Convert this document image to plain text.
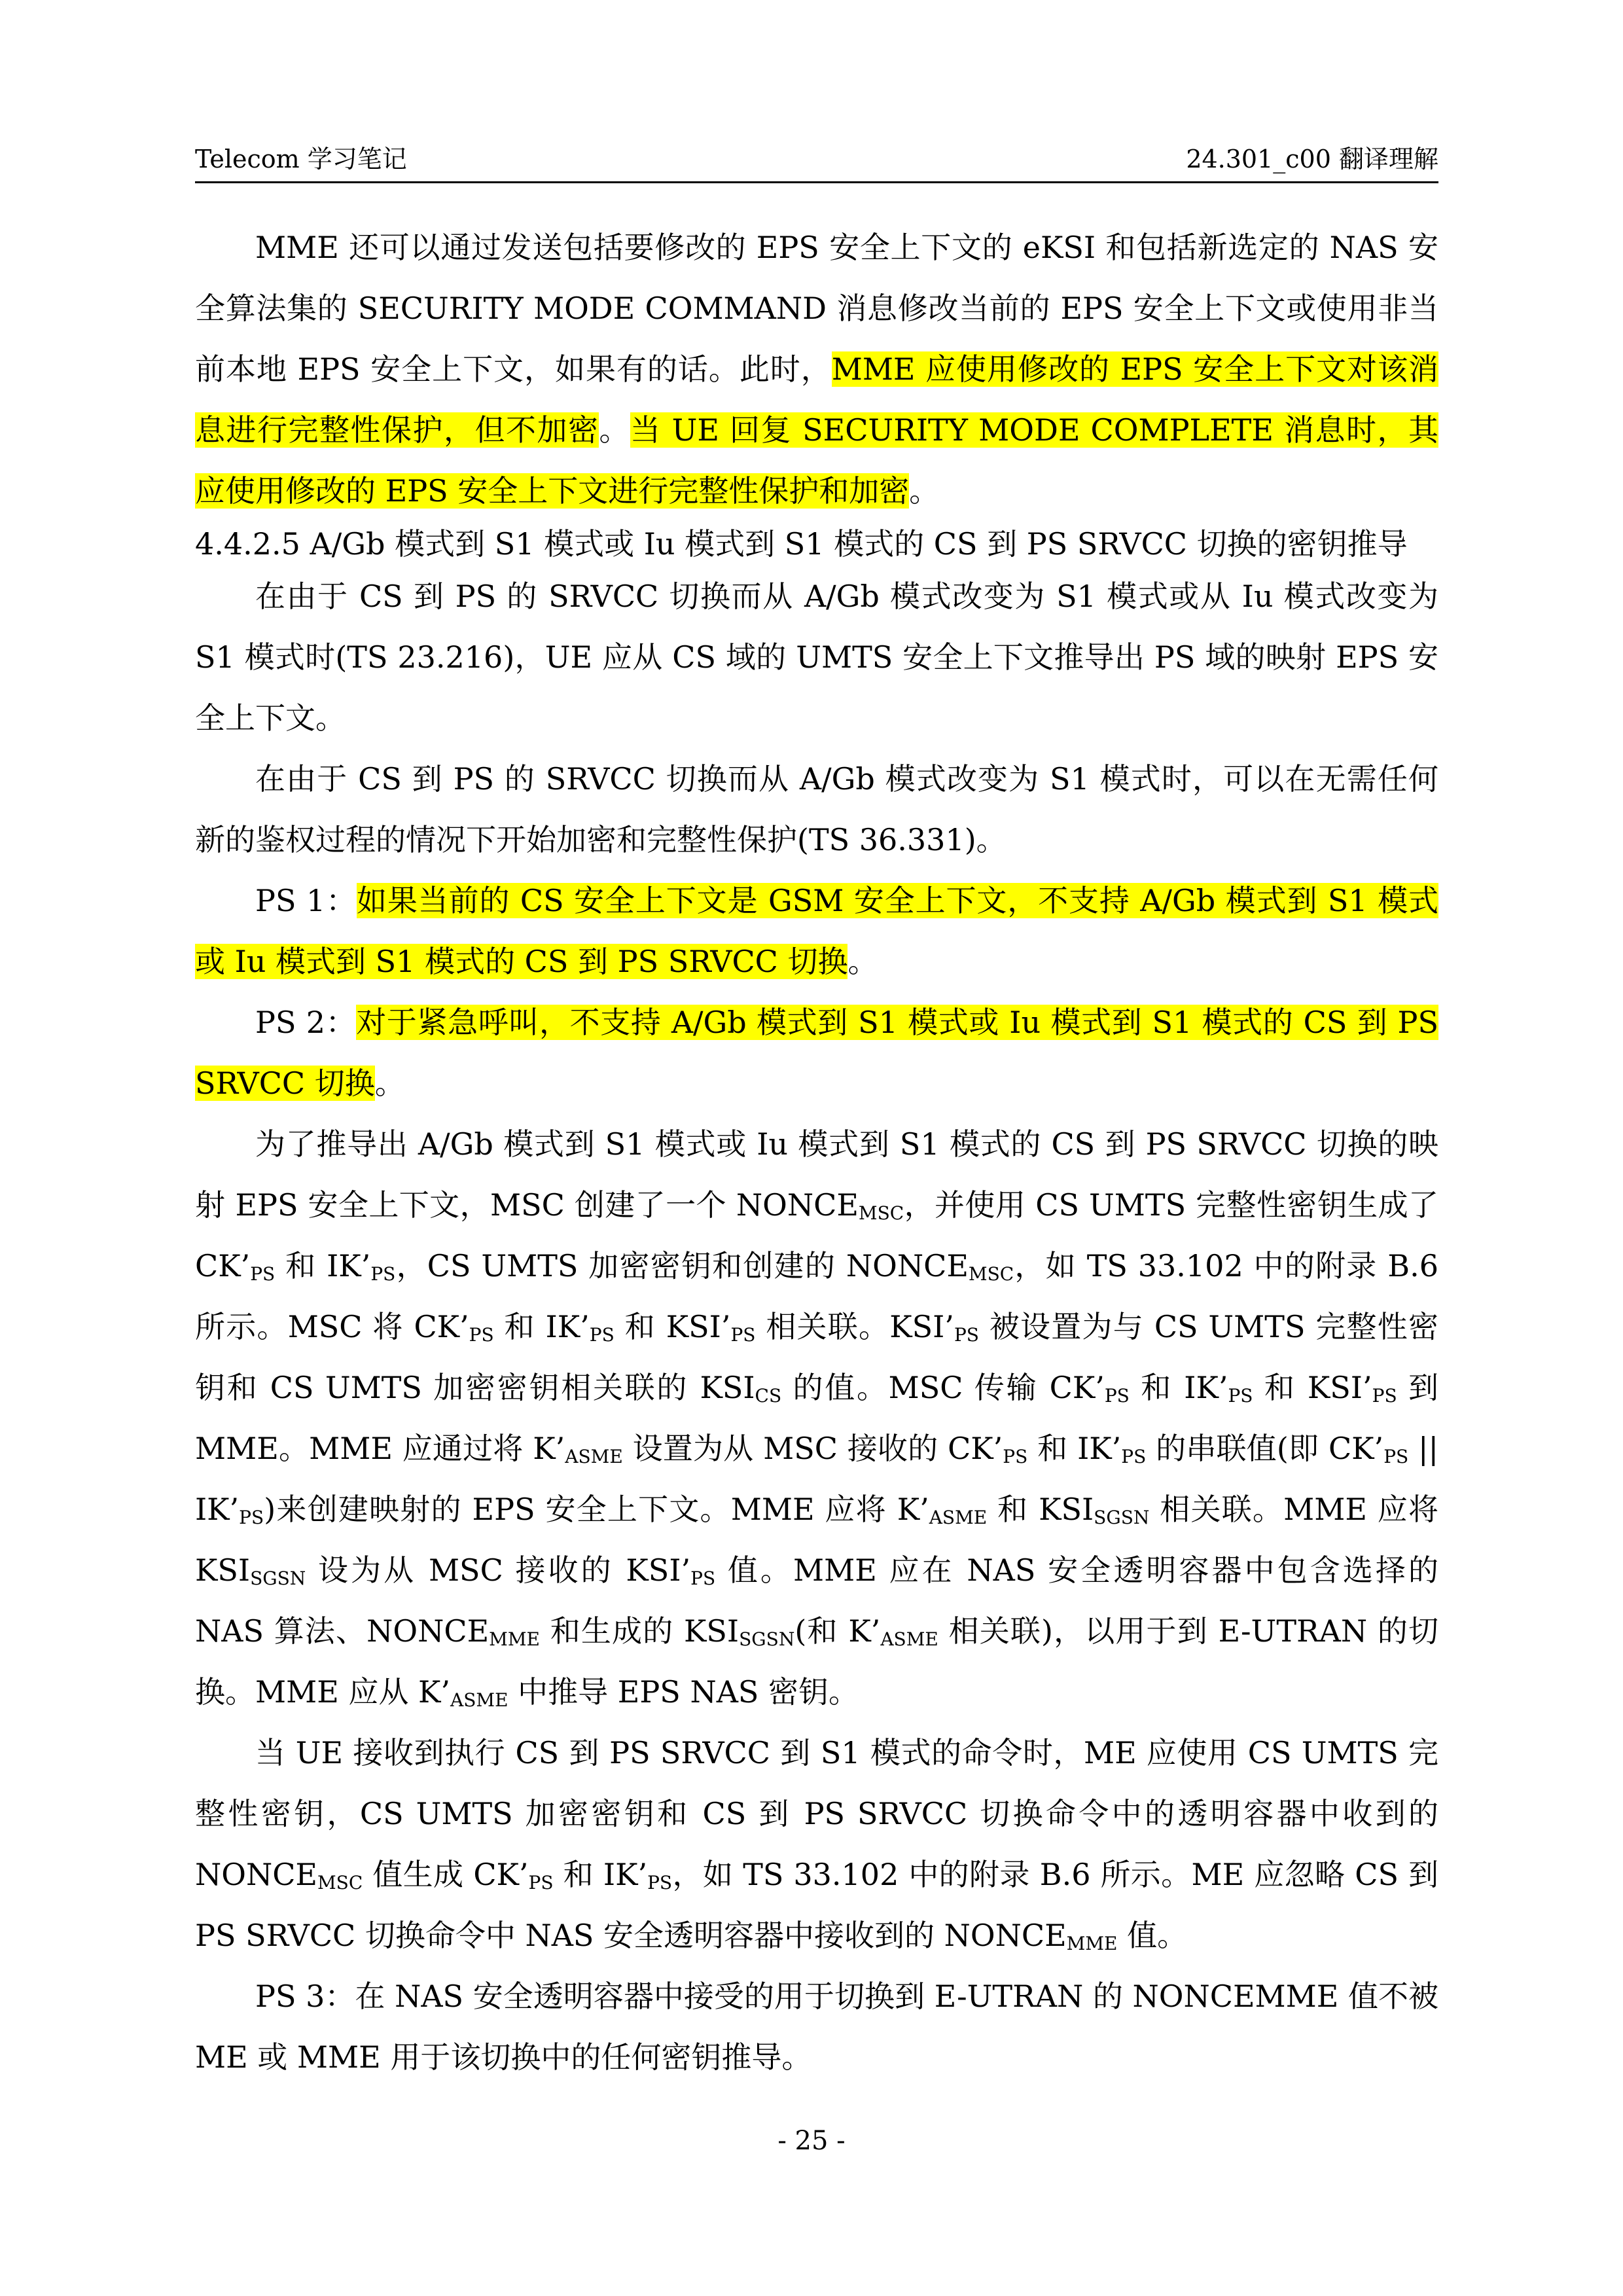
Telecom 学习笔记	24.301_c00 翻译理解

MME 还可以通过发送包括要修改的 EPS 安全上下文的 eKSI 和包括新选定的 NAS 安全算法集的 SECURITY MODE COMMAND 消息修改当前的 EPS 安全上下文或使用非当前本地 EPS 安全上下文，如果有的话。此时，MME 应使用修改的 EPS 安全上下文对该消息进行完整性保护，但不加密。当 UE 回复 SECURITY MODE COMPLETE 消息时，其应使用修改的 EPS 安全上下文进行完整性保护和加密。

4.4.2.5 A/Gb 模式到 S1 模式或 Iu 模式到 S1 模式的 CS 到 PS SRVCC 切换的密钥推导

在由于 CS 到 PS 的 SRVCC 切换而从 A/Gb 模式改变为 S1 模式或从 Iu 模式改变为 S1 模式时(TS 23.216)，UE 应从 CS 域的 UMTS 安全上下文推导出 PS 域的映射 EPS 安全上下文。

在由于 CS 到 PS 的 SRVCC 切换而从 A/Gb 模式改变为 S1 模式时，可以在无需任何新的鉴权过程的情况下开始加密和完整性保护(TS 36.331)。

PS 1：如果当前的 CS 安全上下文是 GSM 安全上下文，不支持 A/Gb 模式到 S1 模式或 Iu 模式到 S1 模式的 CS 到 PS SRVCC 切换。

PS 2：对于紧急呼叫，不支持 A/Gb 模式到 S1 模式或 Iu 模式到 S1 模式的 CS 到 PS SRVCC 切换。

为了推导出 A/Gb 模式到 S1 模式或 Iu 模式到 S1 模式的 CS 到 PS SRVCC 切换的映射 EPS 安全上下文，MSC 创建了一个 $NONCE_{MSC}$，并使用 CS UMTS 完整性密钥生成了 $CK’_{PS}$ 和 $IK’_{PS}$，CS UMTS 加密密钥和创建的 $NONCE_{MSC}$，如 TS 33.102 中的附录 B.6 所示。MSC 将 $CK’_{PS}$ 和 $IK’_{PS}$ 和 $KSI’_{PS}$ 相关联。$KSI’_{PS}$ 被设置为与 CS UMTS 完整性密钥和 CS UMTS 加密密钥相关联的 $KSI_{CS}$ 的值。MSC 传输 $CK’_{PS}$ 和 $IK’_{PS}$ 和 $KSI’_{PS}$ 到 MME。MME 应通过将 $K’_{ASME}$ 设置为从 MSC 接收的 $CK’_{PS}$ 和 $IK’_{PS}$ 的串联值(即 $CK’_{PS}$ || $IK’_{PS}$)来创建映射的 EPS 安全上下文。MME 应将 $K’_{ASME}$ 和 $KSI_{SGSN}$ 相关联。MME 应将 $KSI_{SGSN}$ 设为从 MSC 接收的 $KSI’_{PS}$ 值。MME 应在 NAS 安全透明容器中包含选择的 NAS 算法、$NONCE_{MME}$ 和生成的 $KSI_{SGSN}$(和 $K’_{ASME}$ 相关联)，以用于到 E-UTRAN 的切换。MME 应从 $K’_{ASME}$ 中推导 EPS NAS 密钥。

当 UE 接收到执行 CS 到 PS SRVCC 到 S1 模式的命令时，ME 应使用 CS UMTS 完整性密钥，CS UMTS 加密密钥和 CS 到 PS SRVCC 切换命令中的透明容器中收到的 $NONCE_{MSC}$ 值生成 $CK’_{PS}$ 和 $IK’_{PS}$，如 TS 33.102 中的附录 B.6 所示。ME 应忽略 CS 到 PS SRVCC 切换命令中 NAS 安全透明容器中接收到的 $NONCE_{MME}$ 值。

PS 3：在 NAS 安全透明容器中接受的用于切换到 E-UTRAN 的 NONCEMME 值不被 ME 或 MME 用于该切换中的任何密钥推导。

- 25 -
